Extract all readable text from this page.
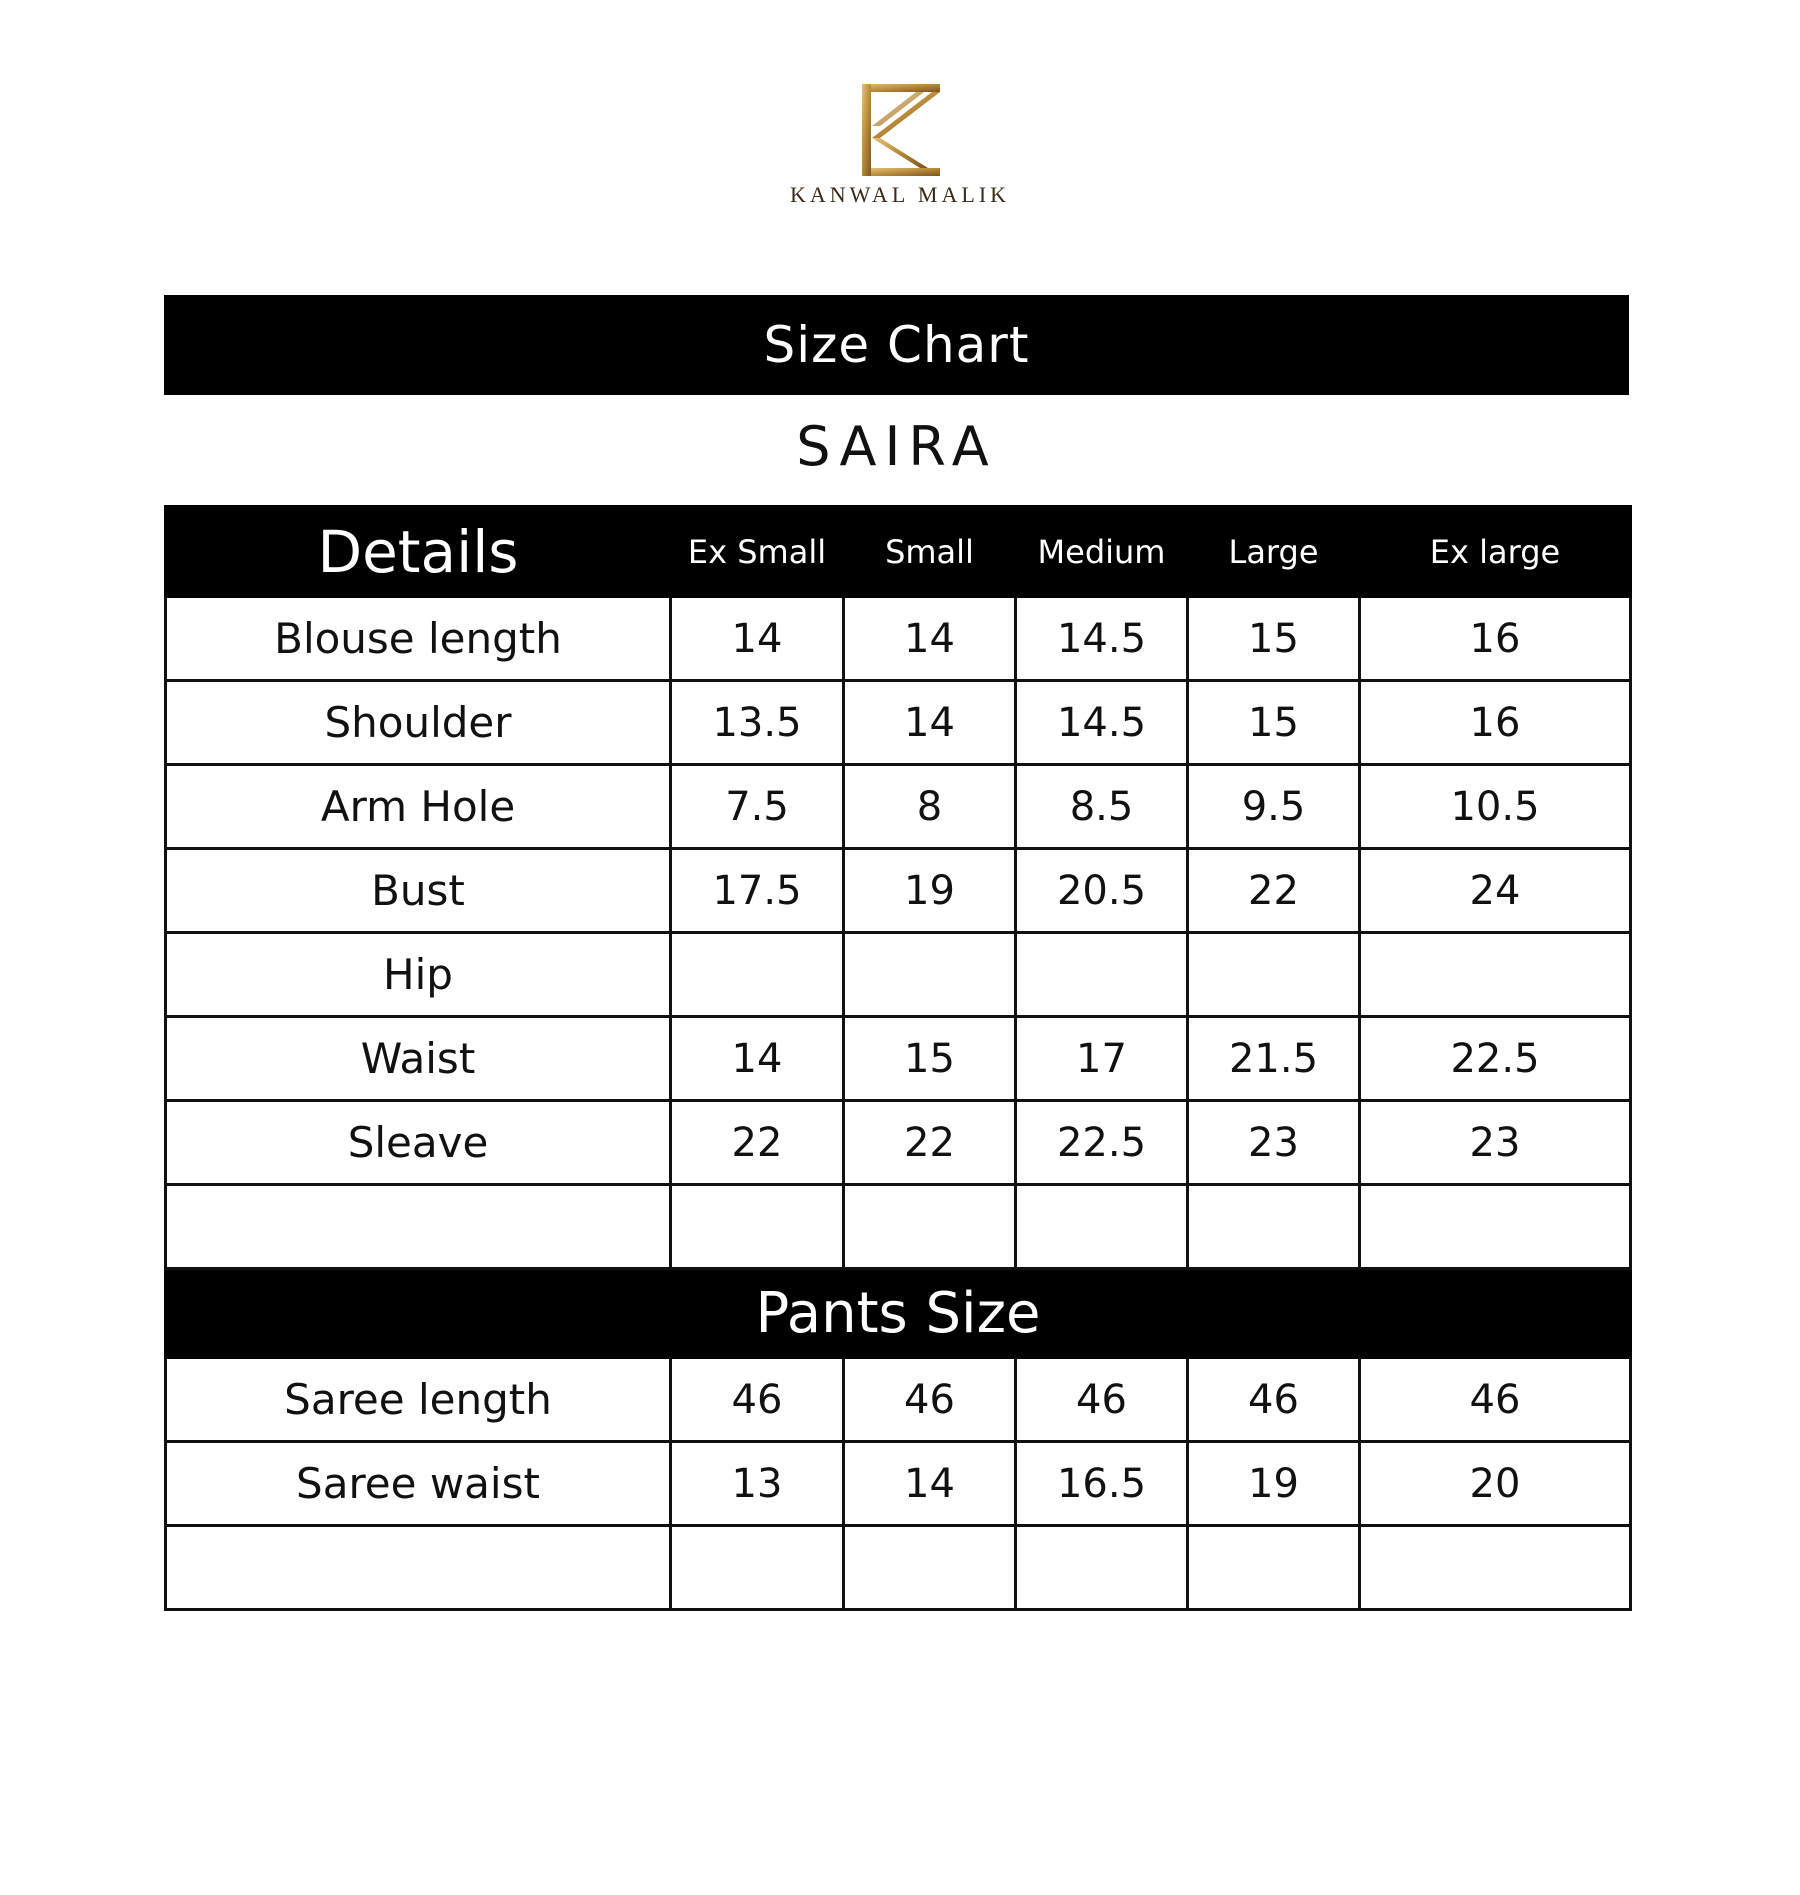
KANWAL MALIK
Size Chart
SAIRA
Details	Ex Small	Small	Medium	Large	Ex large
Blouse length	14	14	14.5	15	16
Shoulder	13.5	14	14.5	15	16
Arm Hole	7.5	8	8.5	9.5	10.5
Bust	17.5	19	20.5	22	24
Hip					
Waist	14	15	17	21.5	22.5
Sleave	22	22	22.5	23	23

Pants Size					
Saree length	46	46	46	46	46
Saree waist	13	14	16.5	19	20
